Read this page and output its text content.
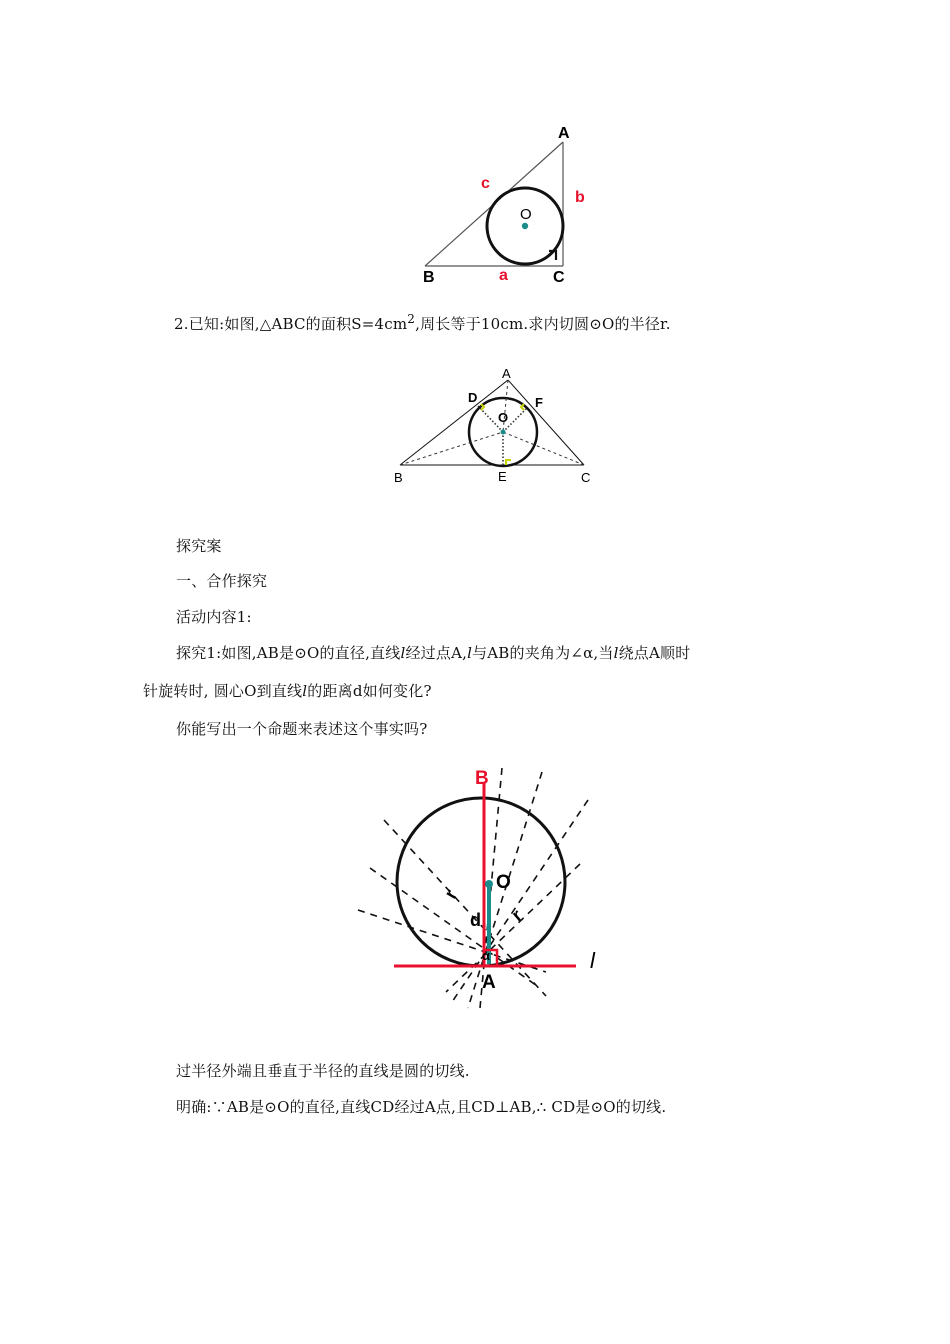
A
B	C
O
a
b
c
2.已知:如图,△ABC的面积$S=4cm^2$,周长等于10cm.求内切圆⊙O的半径r.
A
B	C
D
E
F
O
探究案
一、合作探究
活动内容1:
探究1:如图,AB是⊙O的直径,直线l经过点A,l与AB的夹角为∠α,当l绕点A顺时
针旋转时, 圆心O到直线l的距离d如何变化?
你能写出一个命题来表述这个事实吗?
B
O
A
d r
r
α	l
过半径外端且垂直于半径的直线是圆的切线.
明确:∵AB是⊙O的直径,直线CD经过A点,且CD⊥AB,∴ CD是⊙O的切线.
